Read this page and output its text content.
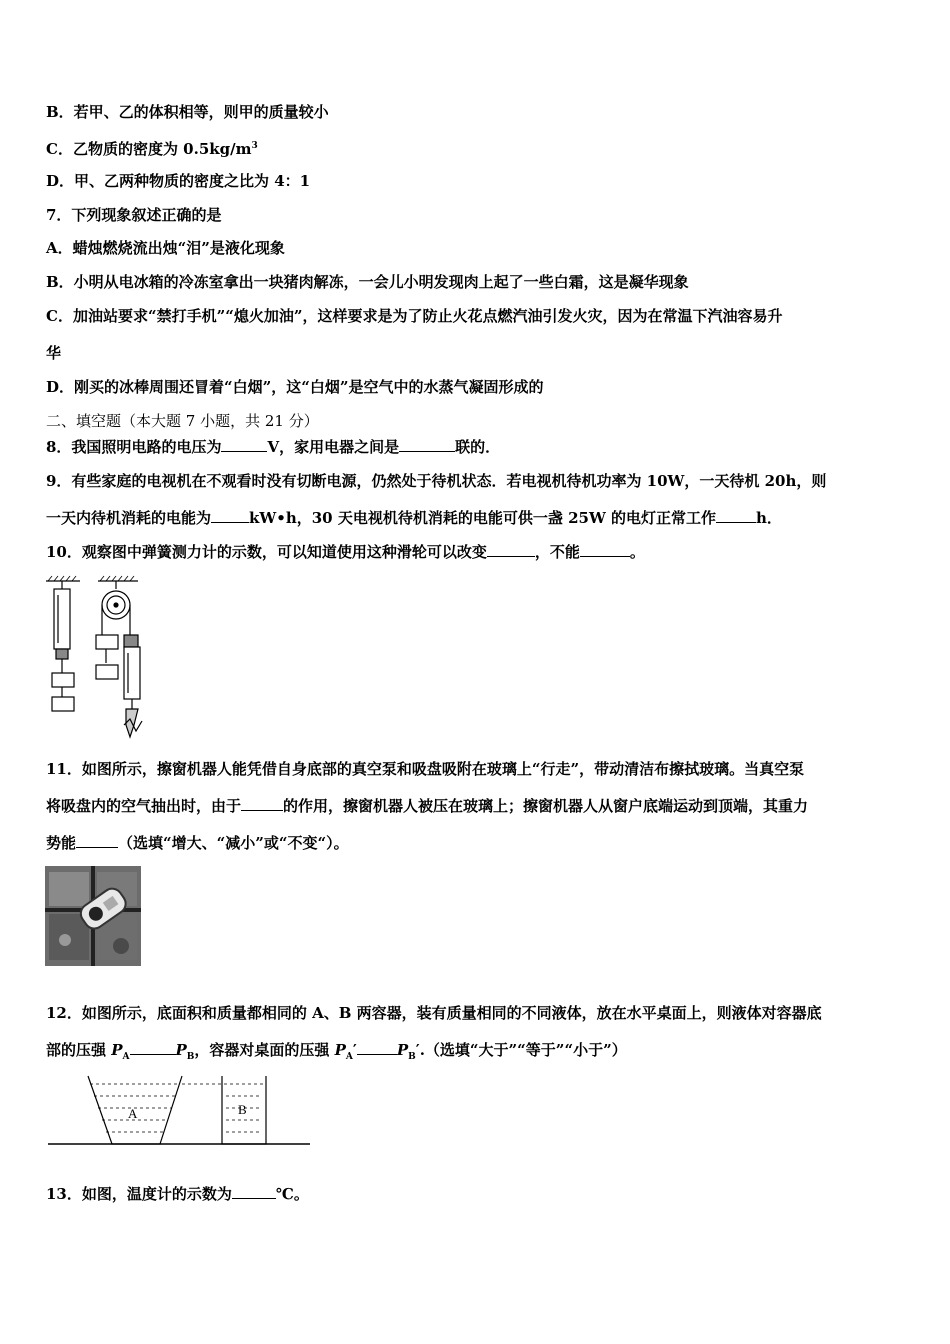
B．若甲、乙的体积相等，则甲的质量较小
C．乙物质的密度为 $0.5kg/m^3$
D．甲、乙两种物质的密度之比为 4：1
7．下列现象叙述正确的是
A．蜡烛燃烧流出烛“泪”是液化现象
B．小明从电冰箱的冷冻室拿出一块猪肉解冻，一会儿小明发现肉上起了一些白霜，这是凝华现象
C．加油站要求“禁打手机”“熄火加油”，这样要求是为了防止火花点燃汽油引发火灾，因为在常温下汽油容易升
华
D．刚买的冰棒周围还冒着“白烟”，这“白烟”是空气中的水蒸气凝固形成的
二、填空题（本大题 7 小题，共 21 分）
8．我国照明电路的电压为	V，家用电器之间是	联的．
9．有些家庭的电视机在不观看时没有切断电源，仍然处于待机状态．若电视机待机功率为 10W，一天待机 20h，则
一天内待机消耗的电能为	kW•h，30 天电视机待机消耗的电能可供一盏 25W 的电灯正常工作	h．
10．观察图中弹簧测力计的示数，可以知道使用这种滑轮可以改变	，不能	。
11．如图所示，擦窗机器人能凭借自身底部的真空泵和吸盘吸附在玻璃上“行走”，带动清洁布擦拭玻璃。当真空泵
将吸盘内的空气抽出时，由于	的作用，擦窗机器人被压在玻璃上；擦窗机器人从窗户底端运动到顶端，其重力
势能	（选填“增大、“减小”或“不变“）。
12．如图所示，底面积和质量都相同的 A、B 两容器，装有质量相同的不同液体，放在水平桌面上，则液体对容器底
部的压强 $P_A$	$P_B$，容器对桌面的压强 $P_A'$	$P_B'$.（选填“大于”“等于”“小于”）
A	B
13．如图，温度计的示数为	℃。
